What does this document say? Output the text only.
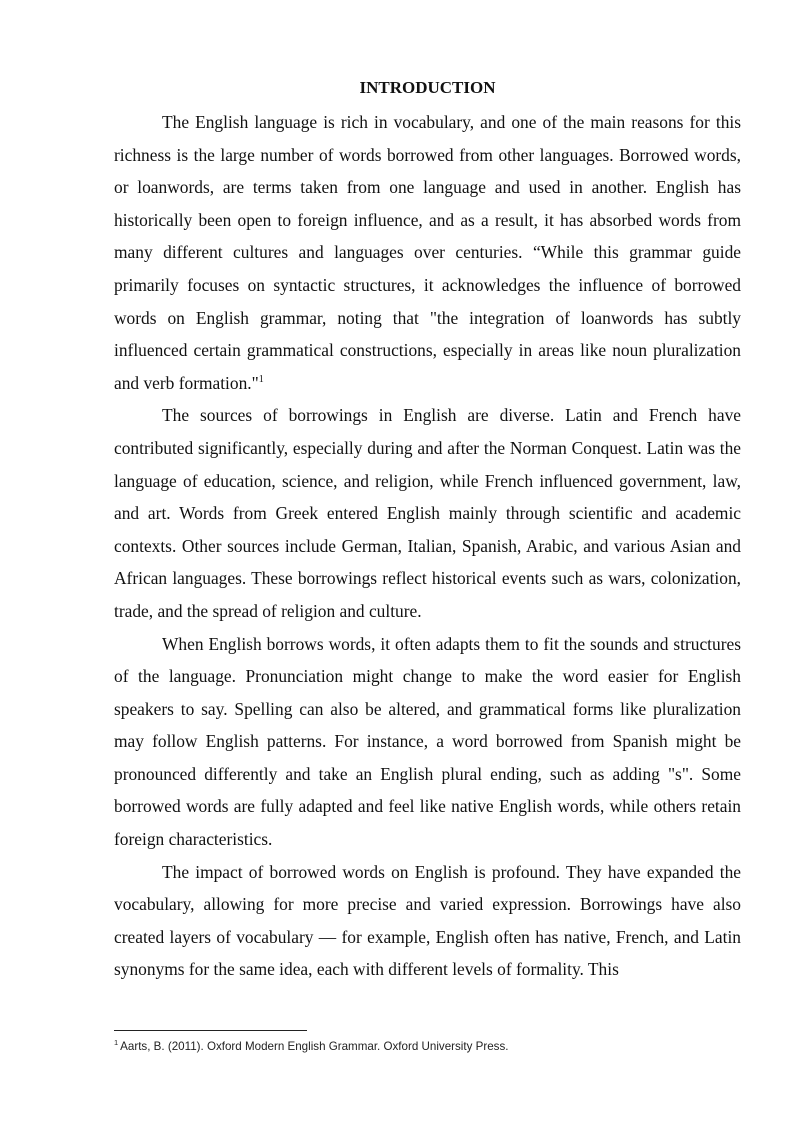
INTRODUCTION

The English language is rich in vocabulary, and one of the main reasons for this richness is the large number of words borrowed from other languages. Borrowed words, or loanwords, are terms taken from one language and used in another. English has historically been open to foreign influence, and as a result, it has absorbed words from many different cultures and languages over centuries. “While this grammar guide primarily focuses on syntactic structures, it acknowledges the influence of borrowed words on English grammar, noting that "the integration of loanwords has subtly influenced certain grammatical constructions, especially in areas like noun pluralization and verb formation."$^1$

The sources of borrowings in English are diverse. Latin and French have contributed significantly, especially during and after the Norman Conquest. Latin was the language of education, science, and religion, while French influenced government, law, and art. Words from Greek entered English mainly through scientific and academic contexts. Other sources include German, Italian, Spanish, Arabic, and various Asian and African languages. These borrowings reflect historical events such as wars, colonization, trade, and the spread of religion and culture.

When English borrows words, it often adapts them to fit the sounds and structures of the language. Pronunciation might change to make the word easier for English speakers to say. Spelling can also be altered, and grammatical forms like pluralization may follow English patterns. For instance, a word borrowed from Spanish might be pronounced differently and take an English plural ending, such as adding "s". Some borrowed words are fully adapted and feel like native English words, while others retain foreign characteristics.

The impact of borrowed words on English is profound. They have expanded the vocabulary, allowing for more precise and varied expression. Borrowings have also created layers of vocabulary — for example, English often has native, French, and Latin synonyms for the same idea, each with different levels of formality. This

$^1$ Aarts, B. (2011). Oxford Modern English Grammar. Oxford University Press.
